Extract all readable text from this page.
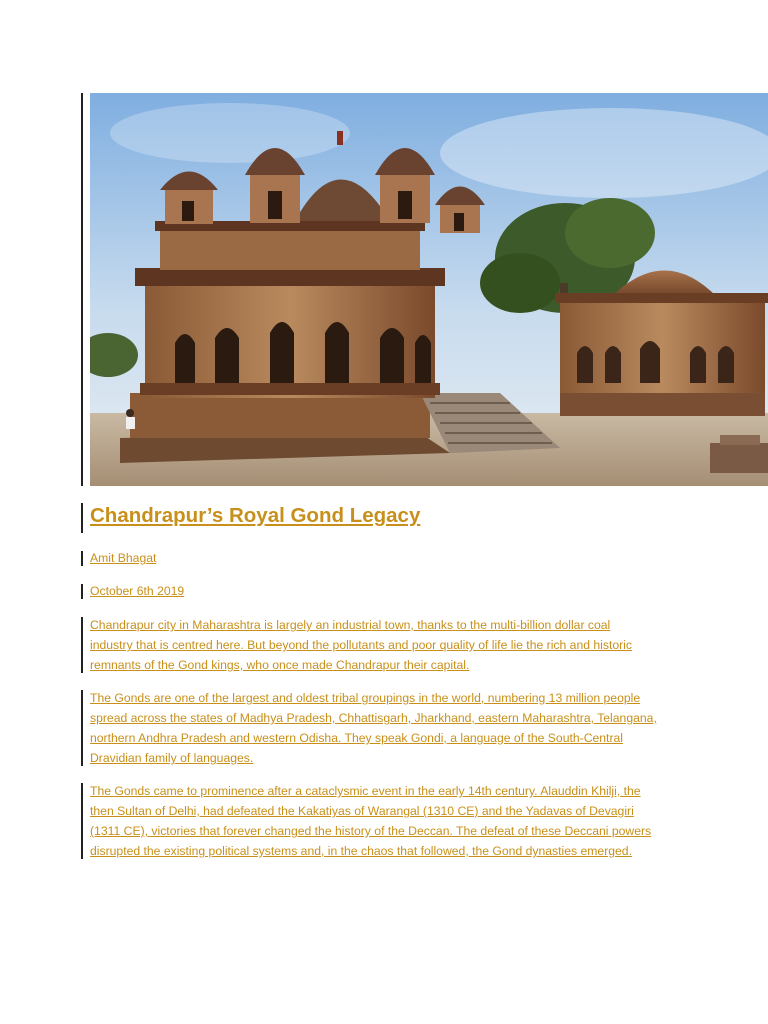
Chandrapur’s Royal Gond Legacy
Amit Bhagat
October 6th 2019
Chandrapur city in Maharashtra is largely an industrial town, thanks to the multi-billion dollar coal
industry that is centred here. But beyond the pollutants and poor quality of life lie the rich and historic
remnants of the Gond kings, who once made Chandrapur their capital.
The Gonds are one of the largest and oldest tribal groupings in the world, numbering 13 million people
spread across the states of Madhya Pradesh, Chhattisgarh, Jharkhand, eastern Maharashtra, Telangana,
northern Andhra Pradesh and western Odisha. They speak Gondi, a language of the South-Central
Dravidian family of languages.
The Gonds came to prominence after a cataclysmic event in the early 14th century. Alauddin Khilji, the
then Sultan of Delhi, had defeated the Kakatiyas of Warangal (1310 CE) and the Yadavas of Devagiri
(1311 CE), victories that forever changed the history of the Deccan. The defeat of these Deccani powers
disrupted the existing political systems and, in the chaos that followed, the Gond dynasties emerged.
